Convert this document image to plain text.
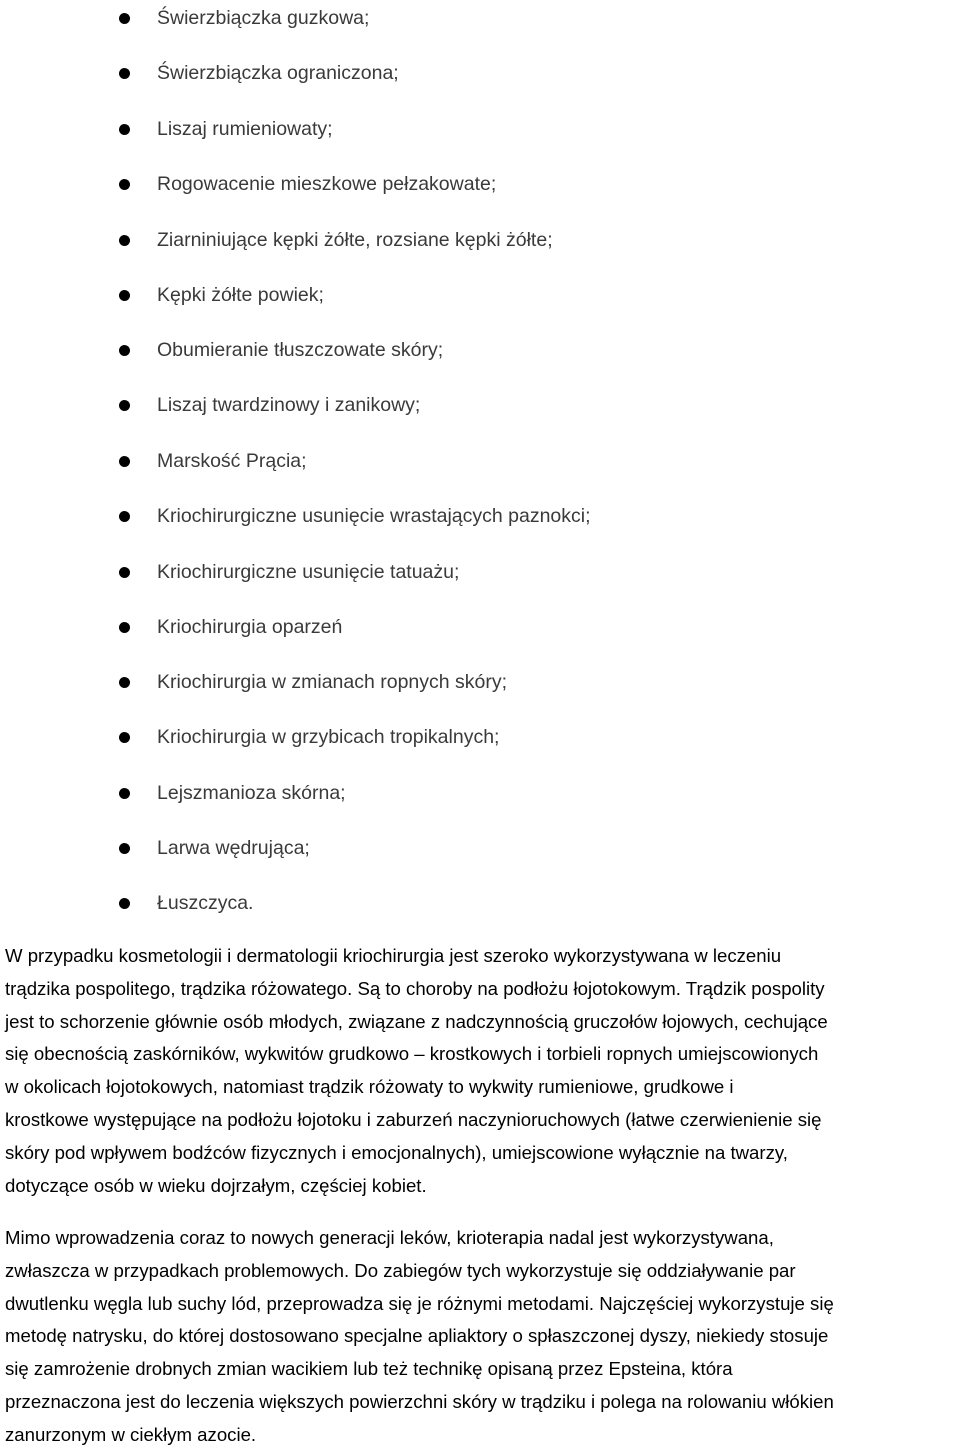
Świerzbiączka guzkowa;
Świerzbiączka ograniczona;
Liszaj rumieniowaty;
Rogowacenie mieszkowe pełzakowate;
Ziarniniujące kępki żółte, rozsiane kępki żółte;
Kępki żółte powiek;
Obumieranie tłuszczowate skóry;
Liszaj twardzinowy i zanikowy;
Marskość Prącia;
Kriochirurgiczne usunięcie wrastających paznokci;
Kriochirurgiczne usunięcie tatuażu;
Kriochirurgia oparzeń
Kriochirurgia w zmianach ropnych skóry;
Kriochirurgia w grzybicach tropikalnych;
Lejszmanioza skórna;
Larwa wędrująca;
Łuszczyca.

W przypadku kosmetologii i dermatologii kriochirurgia jest szeroko wykorzystywana w leczeniu
trądzika pospolitego, trądzika różowatego. Są to choroby na podłożu łojotokowym. Trądzik pospolity
jest to schorzenie głównie osób młodych, związane z nadczynnością gruczołów łojowych, cechujące
się obecnością zaskórników, wykwitów grudkowo – krostkowych i torbieli ropnych umiejscowionych
w okolicach łojotokowych, natomiast trądzik różowaty to wykwity rumieniowe, grudkowe i
krostkowe występujące na podłożu łojotoku i zaburzeń naczynioruchowych (łatwe czerwienienie się
skóry pod wpływem bodźców fizycznych i emocjonalnych), umiejscowione wyłącznie na twarzy,
dotyczące osób w wieku dojrzałym, częściej kobiet.

Mimo wprowadzenia coraz to nowych generacji leków, krioterapia nadal jest wykorzystywana,
zwłaszcza w przypadkach problemowych. Do zabiegów tych wykorzystuje się oddziaływanie par
dwutlenku węgla lub suchy lód, przeprowadza się je różnymi metodami. Najczęściej wykorzystuje się
metodę natrysku, do której dostosowano specjalne apliaktory o spłaszczonej dyszy, niekiedy stosuje
się zamrożenie drobnych zmian wacikiem lub też technikę opisaną przez Epsteina, która
przeznaczona jest do leczenia większych powierzchni skóry w trądziku i polega na rolowaniu włókien
zanurzonym w ciekłym azocie.
